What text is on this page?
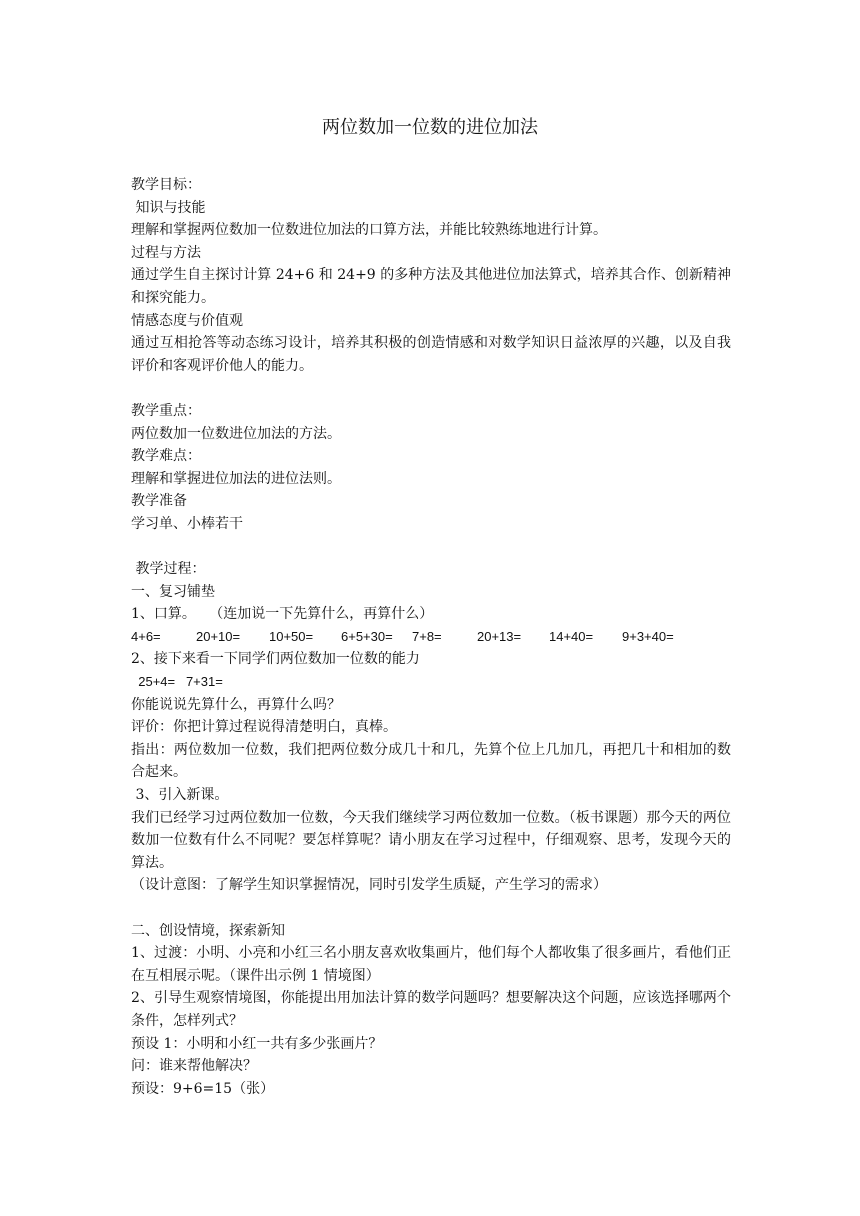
两位数加一位数的进位加法

教学目标：

知识与技能

理解和掌握两位数加一位数进位加法的口算方法，并能比较熟练地进行计算。

过程与方法

通过学生自主探讨计算 24+6 和 24+9 的多种方法及其他进位加法算式，培养其合作、创新精神和探究能力。

情感态度与价值观

通过互相抢答等动态练习设计，培养其积极的创造情感和对数学知识日益浓厚的兴趣，以及自我评价和客观评价他人的能力。

教学重点：

两位数加一位数进位加法的方法。

教学难点：

理解和掌握进位加法的进位法则。

教学准备

学习单、小棒若干

教学过程：

一、复习铺垫

1、口算。   （连加说一下先算什么，再算什么）

4+6=	20+10=	10+50=	6+5+30=	7+8=	20+13=	14+40=	9+3+40=

2、接下来看一下同学们两位数加一位数的能力

25+4=   7+31=

你能说说先算什么，再算什么吗？

评价：你把计算过程说得清楚明白，真棒。

指出：两位数加一位数，我们把两位数分成几十和几，先算个位上几加几，再把几十和相加的数合起来。

3、引入新课。

我们已经学习过两位数加一位数，今天我们继续学习两位数加一位数。（板书课题）那今天的两位数加一位数有什么不同呢？要怎样算呢？请小朋友在学习过程中，仔细观察、思考，发现今天的算法。

（设计意图：了解学生知识掌握情况，同时引发学生质疑，产生学习的需求）

二、创设情境，探索新知

1、过渡：小明、小亮和小红三名小朋友喜欢收集画片，他们每个人都收集了很多画片，看他们正在互相展示呢。（课件出示例 1 情境图）

2、引导生观察情境图，你能提出用加法计算的数学问题吗？想要解决这个问题，应该选择哪两个条件，怎样列式？

预设 1：小明和小红一共有多少张画片？

问：谁来帮他解决？

预设：9+6=15（张）
